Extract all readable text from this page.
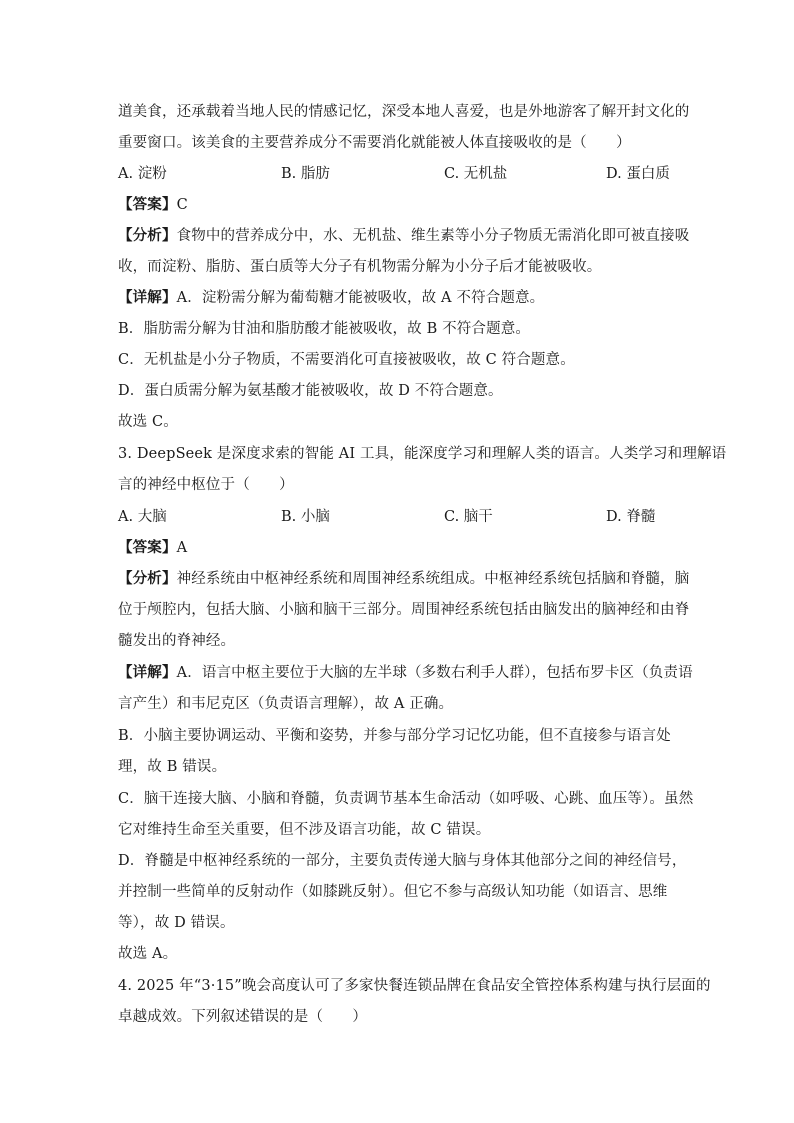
道美食，还承载着当地人民的情感记忆，深受本地人喜爱，也是外地游客了解开封文化的
重要窗口。该美食的主要营养成分不需要消化就能被人体直接吸收的是（　　）
A. 淀粉	B. 脂肪	C. 无机盐	D. 蛋白质
【答案】C
【分析】食物中的营养成分中，水、无机盐、维生素等小分子物质无需消化即可被直接吸
收，而淀粉、脂肪、蛋白质等大分子有机物需分解为小分子后才能被吸收。
【详解】A．淀粉需分解为葡萄糖才能被吸收，故 A 不符合题意。
B．脂肪需分解为甘油和脂肪酸才能被吸收，故 B 不符合题意。
C．无机盐是小分子物质，不需要消化可直接被吸收，故 C 符合题意。
D．蛋白质需分解为氨基酸才能被吸收，故 D 不符合题意。
故选 C。
3. DeepSeek 是深度求索的智能 AI 工具，能深度学习和理解人类的语言。人类学习和理解语
言的神经中枢位于（　　）
A. 大脑	B. 小脑	C. 脑干	D. 脊髓
【答案】A
【分析】神经系统由中枢神经系统和周围神经系统组成。中枢神经系统包括脑和脊髓，脑
位于颅腔内，包括大脑、小脑和脑干三部分。周围神经系统包括由脑发出的脑神经和由脊
髓发出的脊神经。
【详解】A．语言中枢主要位于大脑的左半球（多数右利手人群），包括布罗卡区（负责语
言产生）和韦尼克区（负责语言理解），故 A 正确。
B．小脑主要协调运动、平衡和姿势，并参与部分学习记忆功能，但不直接参与语言处
理，故 B 错误。
C．脑干连接大脑、小脑和脊髓，负责调节基本生命活动（如呼吸、心跳、血压等）。虽然
它对维持生命至关重要，但不涉及语言功能，故 C 错误。
D．脊髓是中枢神经系统的一部分，主要负责传递大脑与身体其他部分之间的神经信号，
并控制一些简单的反射动作（如膝跳反射）。但它不参与高级认知功能（如语言、思维
等），故 D 错误。
故选 A。
4. 2025 年“3·15”晚会高度认可了多家快餐连锁品牌在食品安全管控体系构建与执行层面的
卓越成效。下列叙述错误的是（　　）
